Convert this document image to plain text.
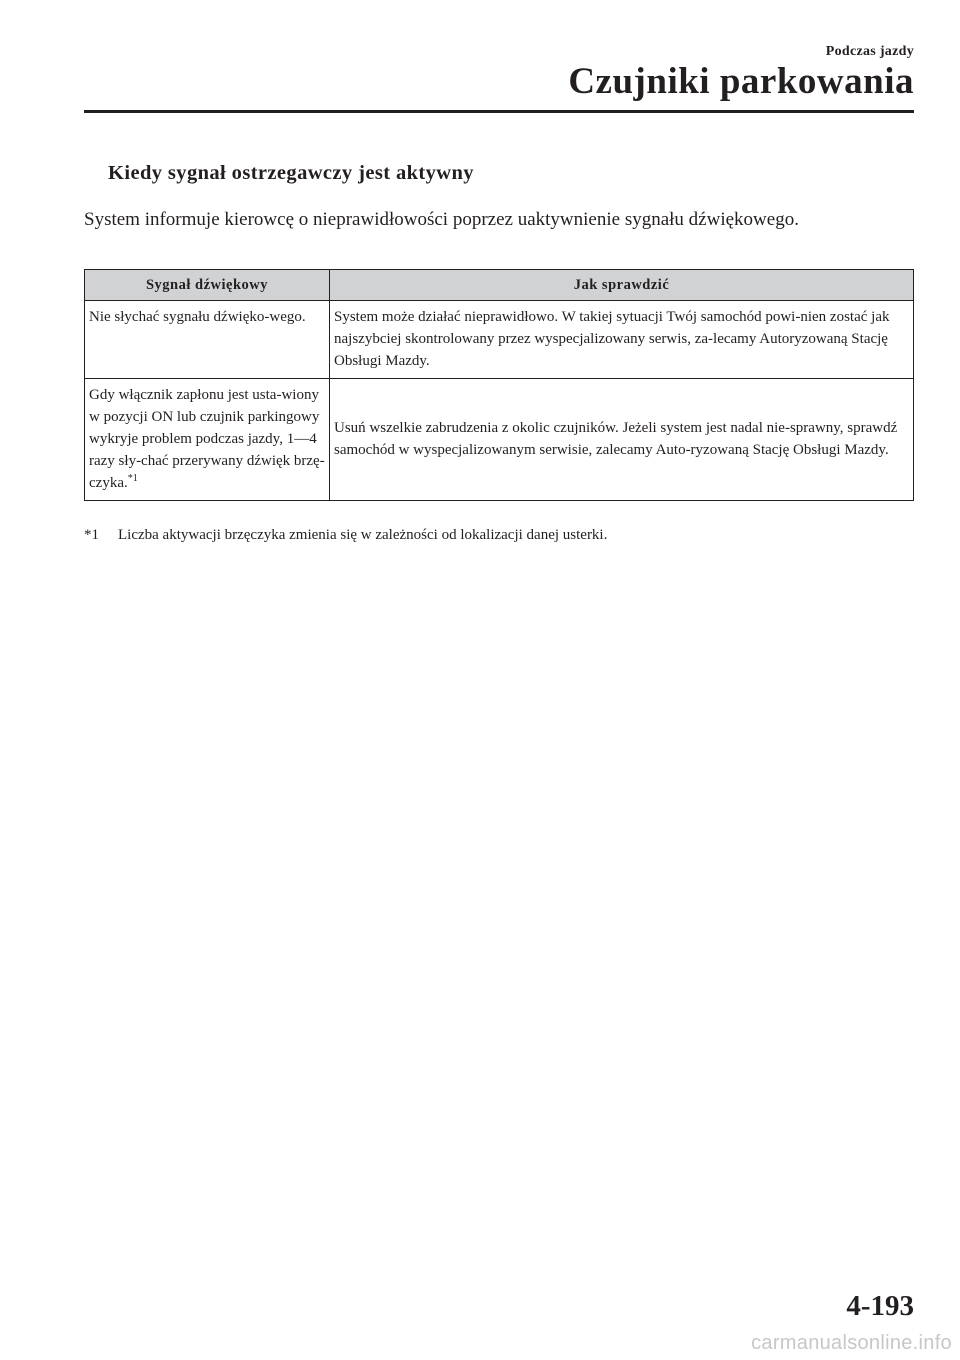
Podczas jazdy
Czujniki parkowania
Kiedy sygnał ostrzegawczy jest aktywny
System informuje kierowcę o nieprawidłowości poprzez uaktywnienie sygnału dźwiękowego.
Sygnał dźwiękowy	Jak sprawdzić
Nie słychać sygnału dźwięko-wego.	System może działać nieprawidłowo. W takiej sytuacji Twój samochód powi-nien zostać jak najszybciej skontrolowany przez wyspecjalizowany serwis, za-lecamy Autoryzowaną Stację Obsługi Mazdy.
Gdy włącznik zapłonu jest usta-wiony w pozycji ON lub czujnik parkingowy wykryje problem podczas jazdy, 1―4 razy sły-chać przerywany dźwięk brzę-czyka.$^{*1}$	Usuń wszelkie zabrudzenia z okolic czujników. Jeżeli system jest nadal nie-sprawny, sprawdź samochód w wyspecjalizowanym serwisie, zalecamy Auto-ryzowaną Stację Obsługi Mazdy.
*1 Liczba aktywacji brzęczyka zmienia się w zależności od lokalizacji danej usterki.
4-193
carmanualsonline.info
